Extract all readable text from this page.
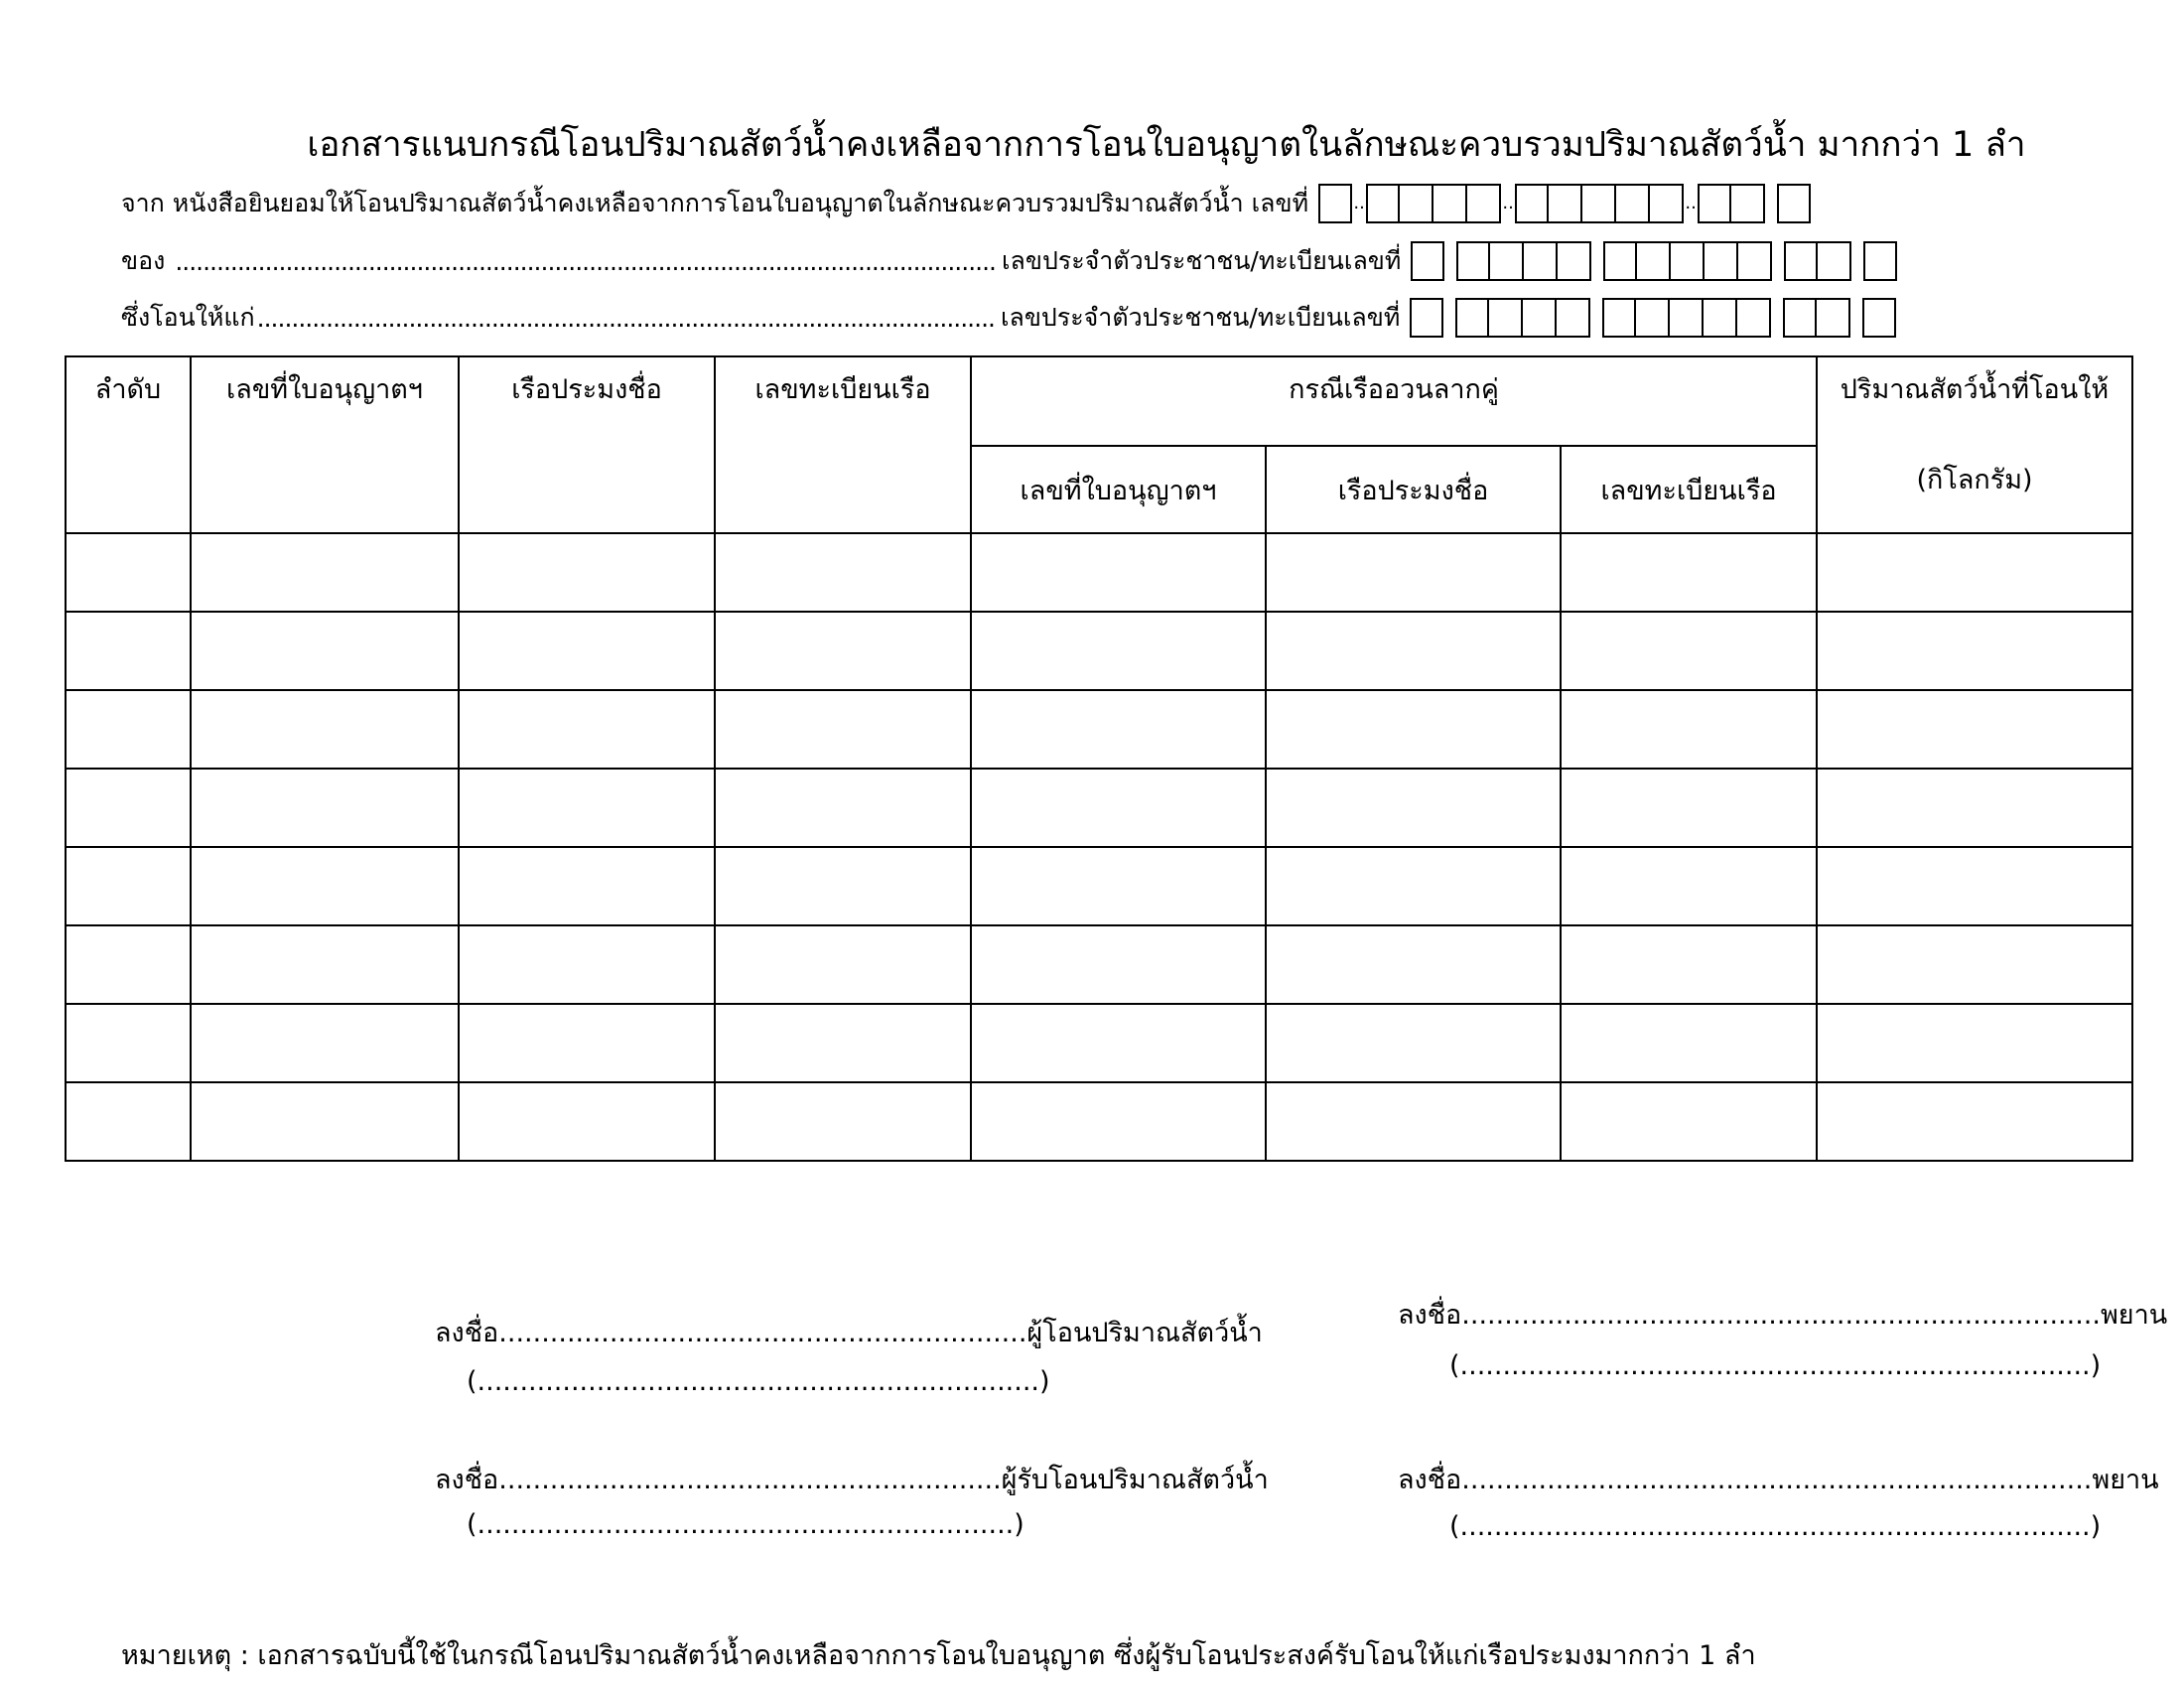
เอกสารแนบกรณีโอนปริมาณสัตว์น้ำคงเหลือจากการโอนใบอนุญาตในลักษณะควบรวมปริมาณสัตว์น้ำ มากกว่า 1 ลำ
จาก หนังสือยินยอมให้โอนปริมาณสัตว์น้ำคงเหลือจากการโอนใบอนุญาตในลักษณะควบรวมปริมาณสัตว์น้ำ เลขที่	..	..	..
ของ ....................................................................................................................... เลขประจำตัวประชาชน/ทะเบียนเลขที่
ซึ่งโอนให้แก่ ........................................................................................................... เลขประจำตัวประชาชน/ทะเบียนเลขที่
ลำดับ	เลขที่ใบอนุญาตฯ	เรือประมงชื่อ	เลขทะเบียนเรือ	กรณีเรืออวนลากคู่			ปริมาณสัตว์น้ำที่โอนให้
(กิโลกรัม)

				เลขที่ใบอนุญาตฯ	เรือประมงชื่อ	เลขทะเบียนเรือ	

ลงชื่อ..............................................................ผู้โอนปริมาณสัตว์น้ำ
(..................................................................)
ลงชื่อ...........................................................ผู้รับโอนปริมาณสัตว์น้ำ
(...............................................................)
ลงชื่อ...........................................................................พยาน
(..........................................................................)
ลงชื่อ..........................................................................พยาน
(..........................................................................)
หมายเหตุ : เอกสารฉบับนี้ใช้ในกรณีโอนปริมาณสัตว์น้ำคงเหลือจากการโอนใบอนุญาต ซึ่งผู้รับโอนประสงค์รับโอนให้แก่เรือประมงมากกว่า 1 ลำ
